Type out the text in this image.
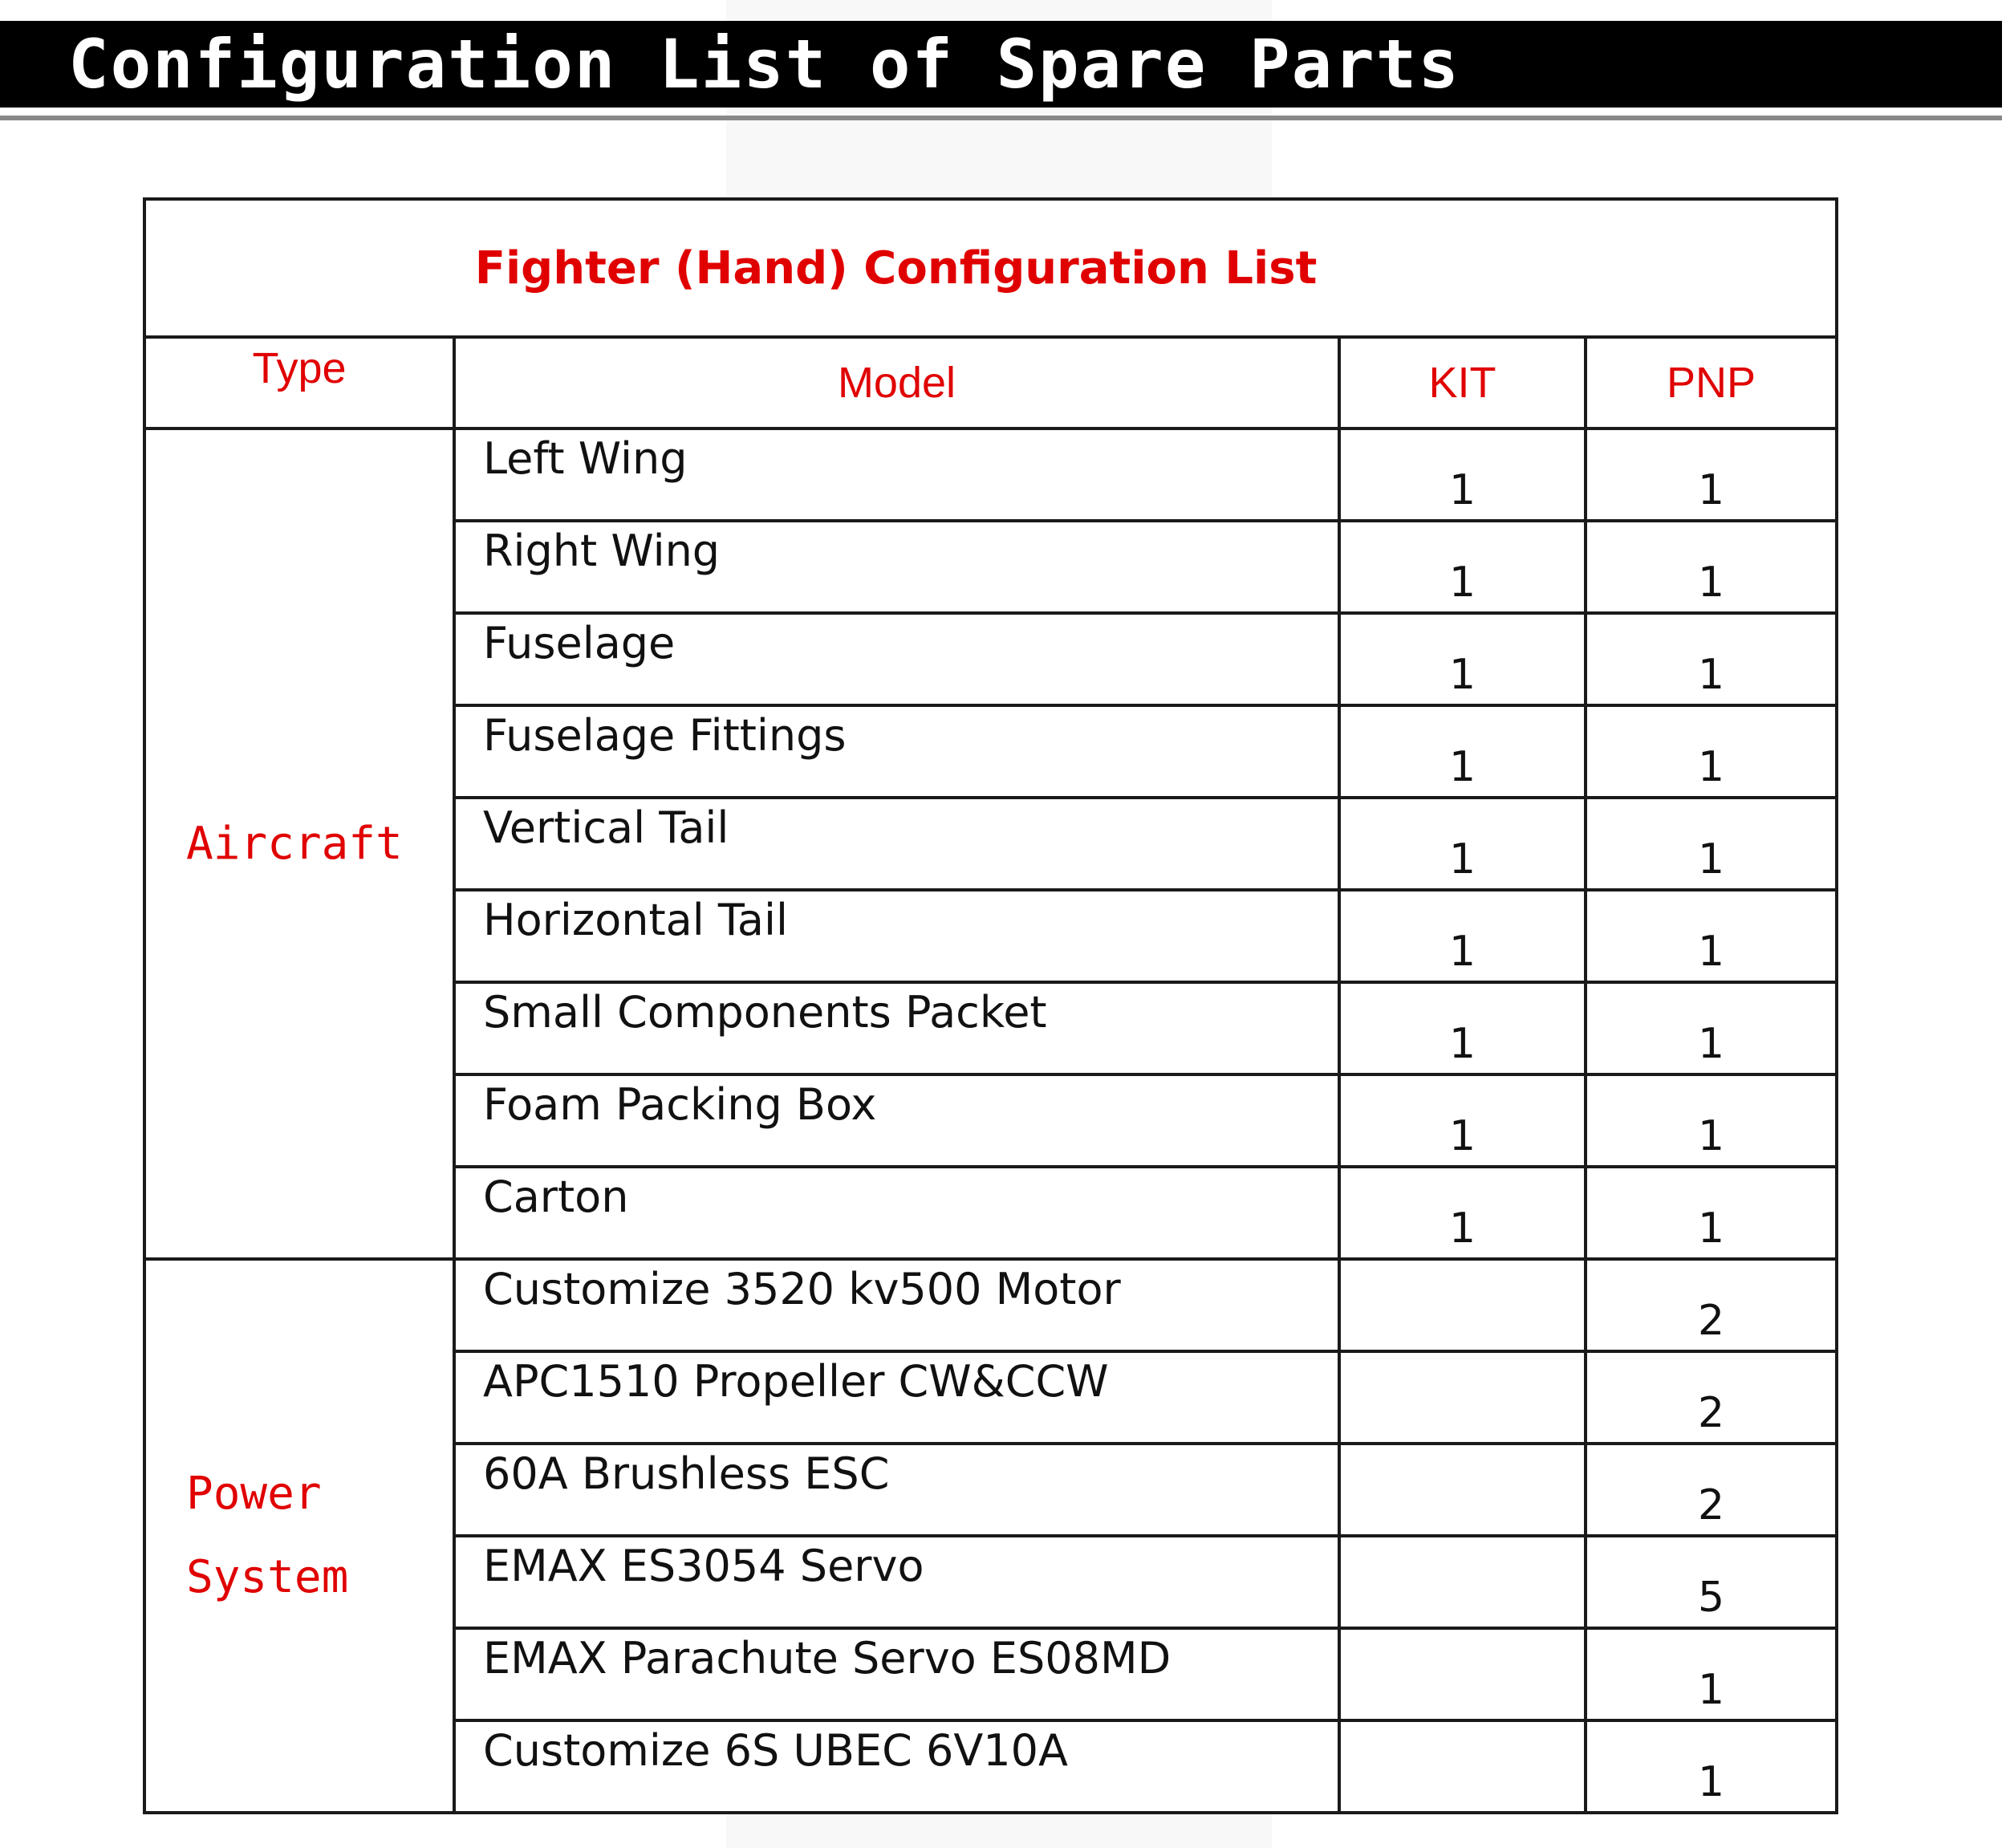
Configuration List of Spare Parts
Fighter (Hand) Configuration List			
Type	Model	KIT	PNP

Aircraft	Left Wing	1	1
	Right Wing	1	1
	Fuselage	1	1
	Fuselage Fittings	1	1
	Vertical Tail	1	1
	Horizontal Tail	1	1
	Small Components Packet	1	1
	Foam Packing Box	1	1
	Carton	1	1

Power
System	Customize 3520 kv500 Motor		2
	APC1510 Propeller CW&CCW		2
	60A Brushless ESC		2
	EMAX ES3054 Servo		5
	EMAX Parachute Servo ES08MD		1
	Customize 6S UBEC 6V10A		1
